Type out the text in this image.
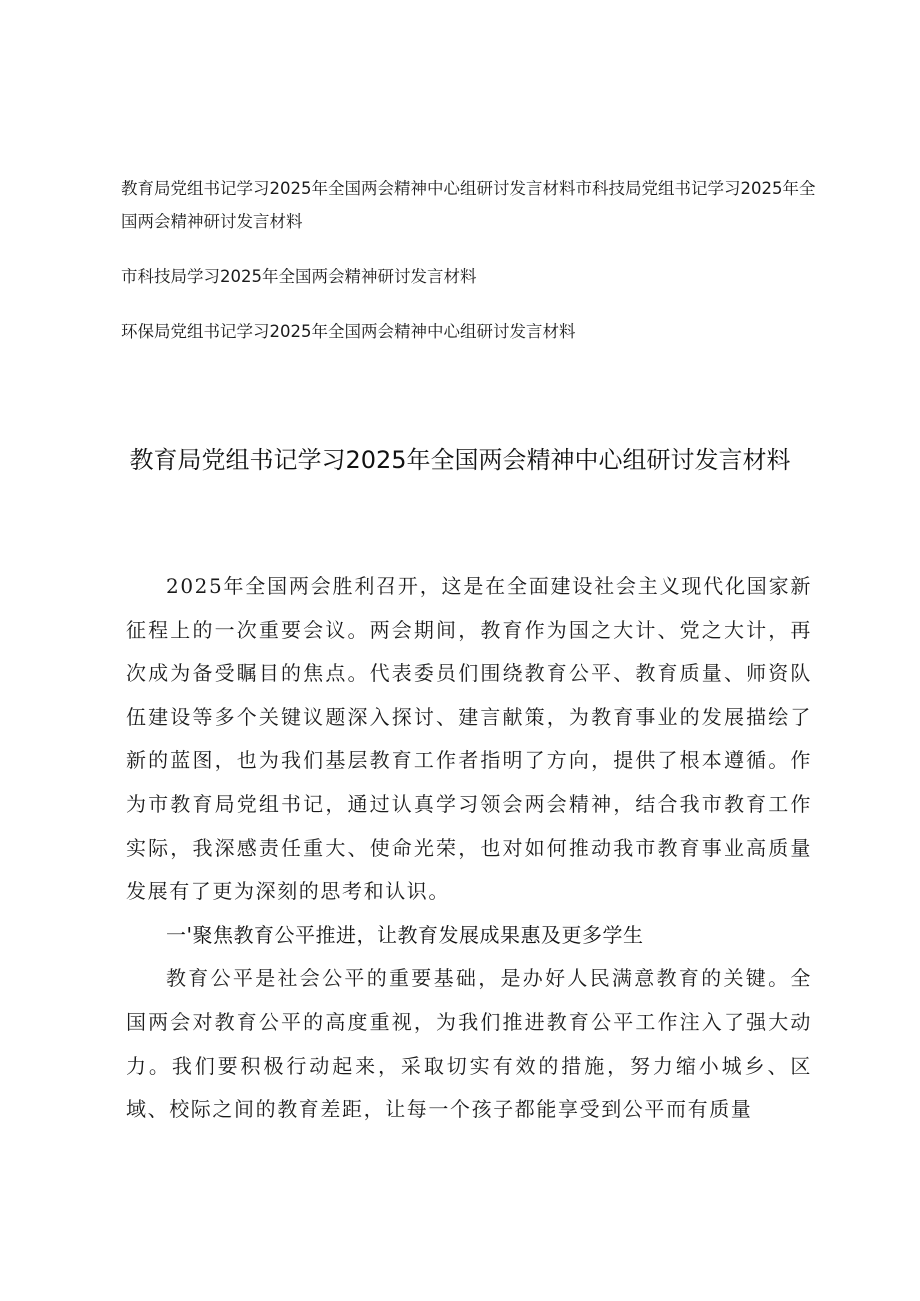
教育局党组书记学习2025年全国两会精神中心组研讨发言材料市科技局党组书记学习2025年全国两会精神研讨发言材料

市科技局学习2025年全国两会精神研讨发言材料

环保局党组书记学习2025年全国两会精神中心组研讨发言材料

教育局党组书记学习2025年全国两会精神中心组研讨发言材料

2025年全国两会胜利召开，这是在全面建设社会主义现代化国家新征程上的一次重要会议。两会期间，教育作为国之大计、党之大计，再次成为备受瞩目的焦点。代表委员们围绕教育公平、教育质量、师资队伍建设等多个关键议题深入探讨、建言献策，为教育事业的发展描绘了新的蓝图，也为我们基层教育工作者指明了方向，提供了根本遵循。作为市教育局党组书记，通过认真学习领会两会精神，结合我市教育工作实际，我深感责任重大、使命光荣，也对如何推动我市教育事业高质量发展有了更为深刻的思考和认识。

一'聚焦教育公平推进，让教育发展成果惠及更多学生

教育公平是社会公平的重要基础，是办好人民满意教育的关键。全国两会对教育公平的高度重视，为我们推进教育公平工作注入了强大动力。我们要积极行动起来，采取切实有效的措施，努力缩小城乡、区域、校际之间的教育差距，让每一个孩子都能享受到公平而有质量
